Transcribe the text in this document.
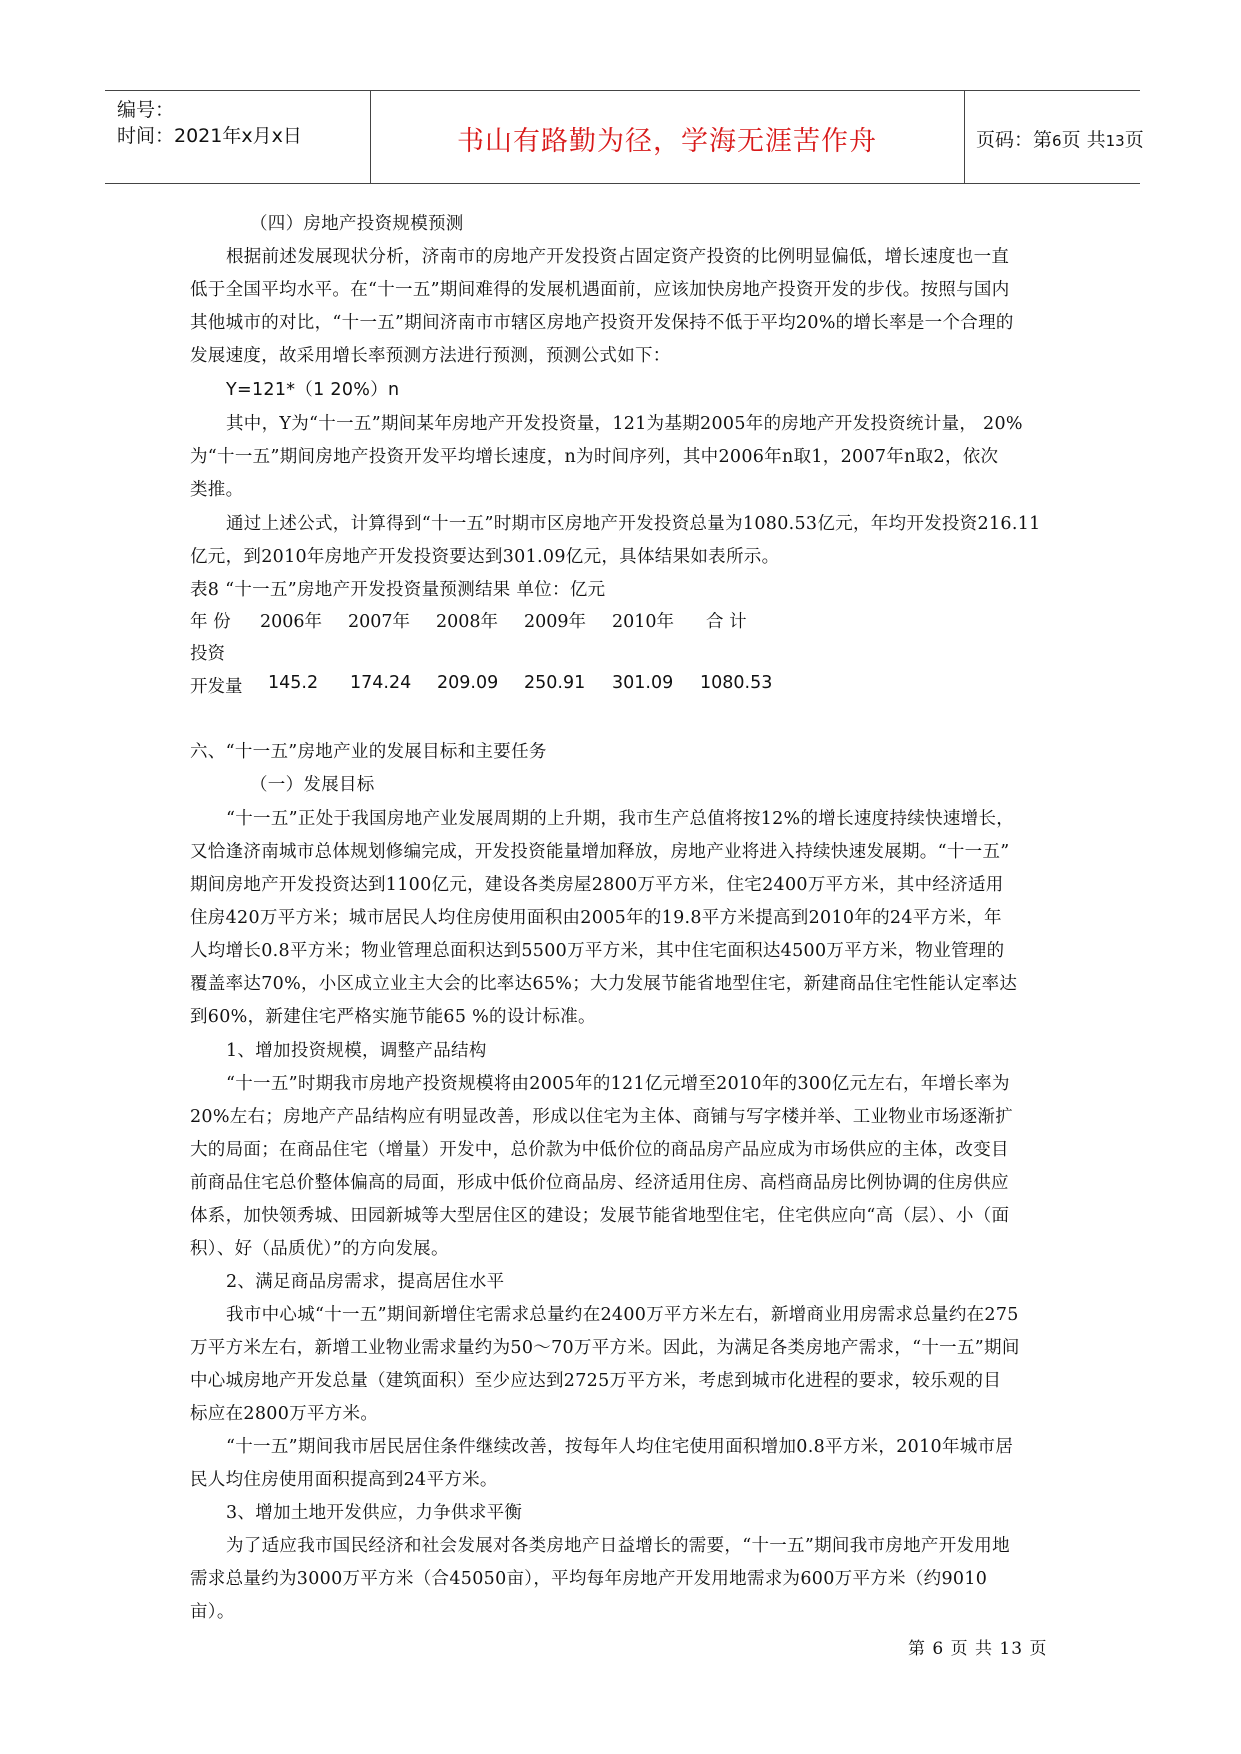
编号：
时间：2021年x月x日	书山有路勤为径，学海无涯苦作舟	页码：第6页 共13页
（四）房地产投资规模预测
根据前述发展现状分析，济南市的房地产开发投资占固定资产投资的比例明显偏低，增长速度也一直
低于全国平均水平。在“十一五”期间难得的发展机遇面前，应该加快房地产投资开发的步伐。按照与国内
其他城市的对比，“十一五”期间济南市市辖区房地产投资开发保持不低于平均20%的增长率是一个合理的
发展速度，故采用增长率预测方法进行预测，预测公式如下：
Y=121*（1 20%）n
其中，Y为“十一五”期间某年房地产开发投资量，121为基期2005年的房地产开发投资统计量， 20%
为“十一五”期间房地产投资开发平均增长速度，n为时间序列，其中2006年n取1，2007年n取2，依次
类推。
通过上述公式，计算得到“十一五”时期市区房地产开发投资总量为1080.53亿元，年均开发投资216.11
亿元，到2010年房地产开发投资要达到301.09亿元，具体结果如表所示。
表8 “十一五”房地产开发投资量预测结果 单位：亿元
年 份 2006年 2007年 2008年 2009年 2010年 合 计
投资
开发量 145.2 174.24 209.09 250.91 301.09 1080.53
六、“十一五”房地产业的发展目标和主要任务
（一）发展目标
“十一五”正处于我国房地产业发展周期的上升期，我市生产总值将按12%的增长速度持续快速增长，
又恰逢济南城市总体规划修编完成，开发投资能量增加释放，房地产业将进入持续快速发展期。“十一五”
期间房地产开发投资达到1100亿元，建设各类房屋2800万平方米，住宅2400万平方米，其中经济适用
住房420万平方米；城市居民人均住房使用面积由2005年的19.8平方米提高到2010年的24平方米，年
人均增长0.8平方米；物业管理总面积达到5500万平方米，其中住宅面积达4500万平方米，物业管理的
覆盖率达70%，小区成立业主大会的比率达65%；大力发展节能省地型住宅，新建商品住宅性能认定率达
到60%，新建住宅严格实施节能65 %的设计标准。
1、增加投资规模，调整产品结构
“十一五”时期我市房地产投资规模将由2005年的121亿元增至2010年的300亿元左右，年增长率为
20%左右；房地产产品结构应有明显改善，形成以住宅为主体、商铺与写字楼并举、工业物业市场逐渐扩
大的局面；在商品住宅（增量）开发中，总价款为中低价位的商品房产品应成为市场供应的主体，改变目
前商品住宅总价整体偏高的局面，形成中低价位商品房、经济适用住房、高档商品房比例协调的住房供应
体系，加快领秀城、田园新城等大型居住区的建设；发展节能省地型住宅，住宅供应向“高（层）、小（面
积）、好（品质优）”的方向发展。
2、满足商品房需求，提高居住水平
我市中心城“十一五”期间新增住宅需求总量约在2400万平方米左右，新增商业用房需求总量约在275
万平方米左右，新增工业物业需求量约为50～70万平方米。因此，为满足各类房地产需求，“十一五”期间
中心城房地产开发总量（建筑面积）至少应达到2725万平方米，考虑到城市化进程的要求，较乐观的目
标应在2800万平方米。
“十一五”期间我市居民居住条件继续改善，按每年人均住宅使用面积增加0.8平方米，2010年城市居
民人均住房使用面积提高到24平方米。
3、增加土地开发供应，力争供求平衡
为了适应我市国民经济和社会发展对各类房地产日益增长的需要，“十一五”期间我市房地产开发用地
需求总量约为3000万平方米（合45050亩），平均每年房地产开发用地需求为600万平方米（约9010
亩）。
第 6 页 共 13 页
